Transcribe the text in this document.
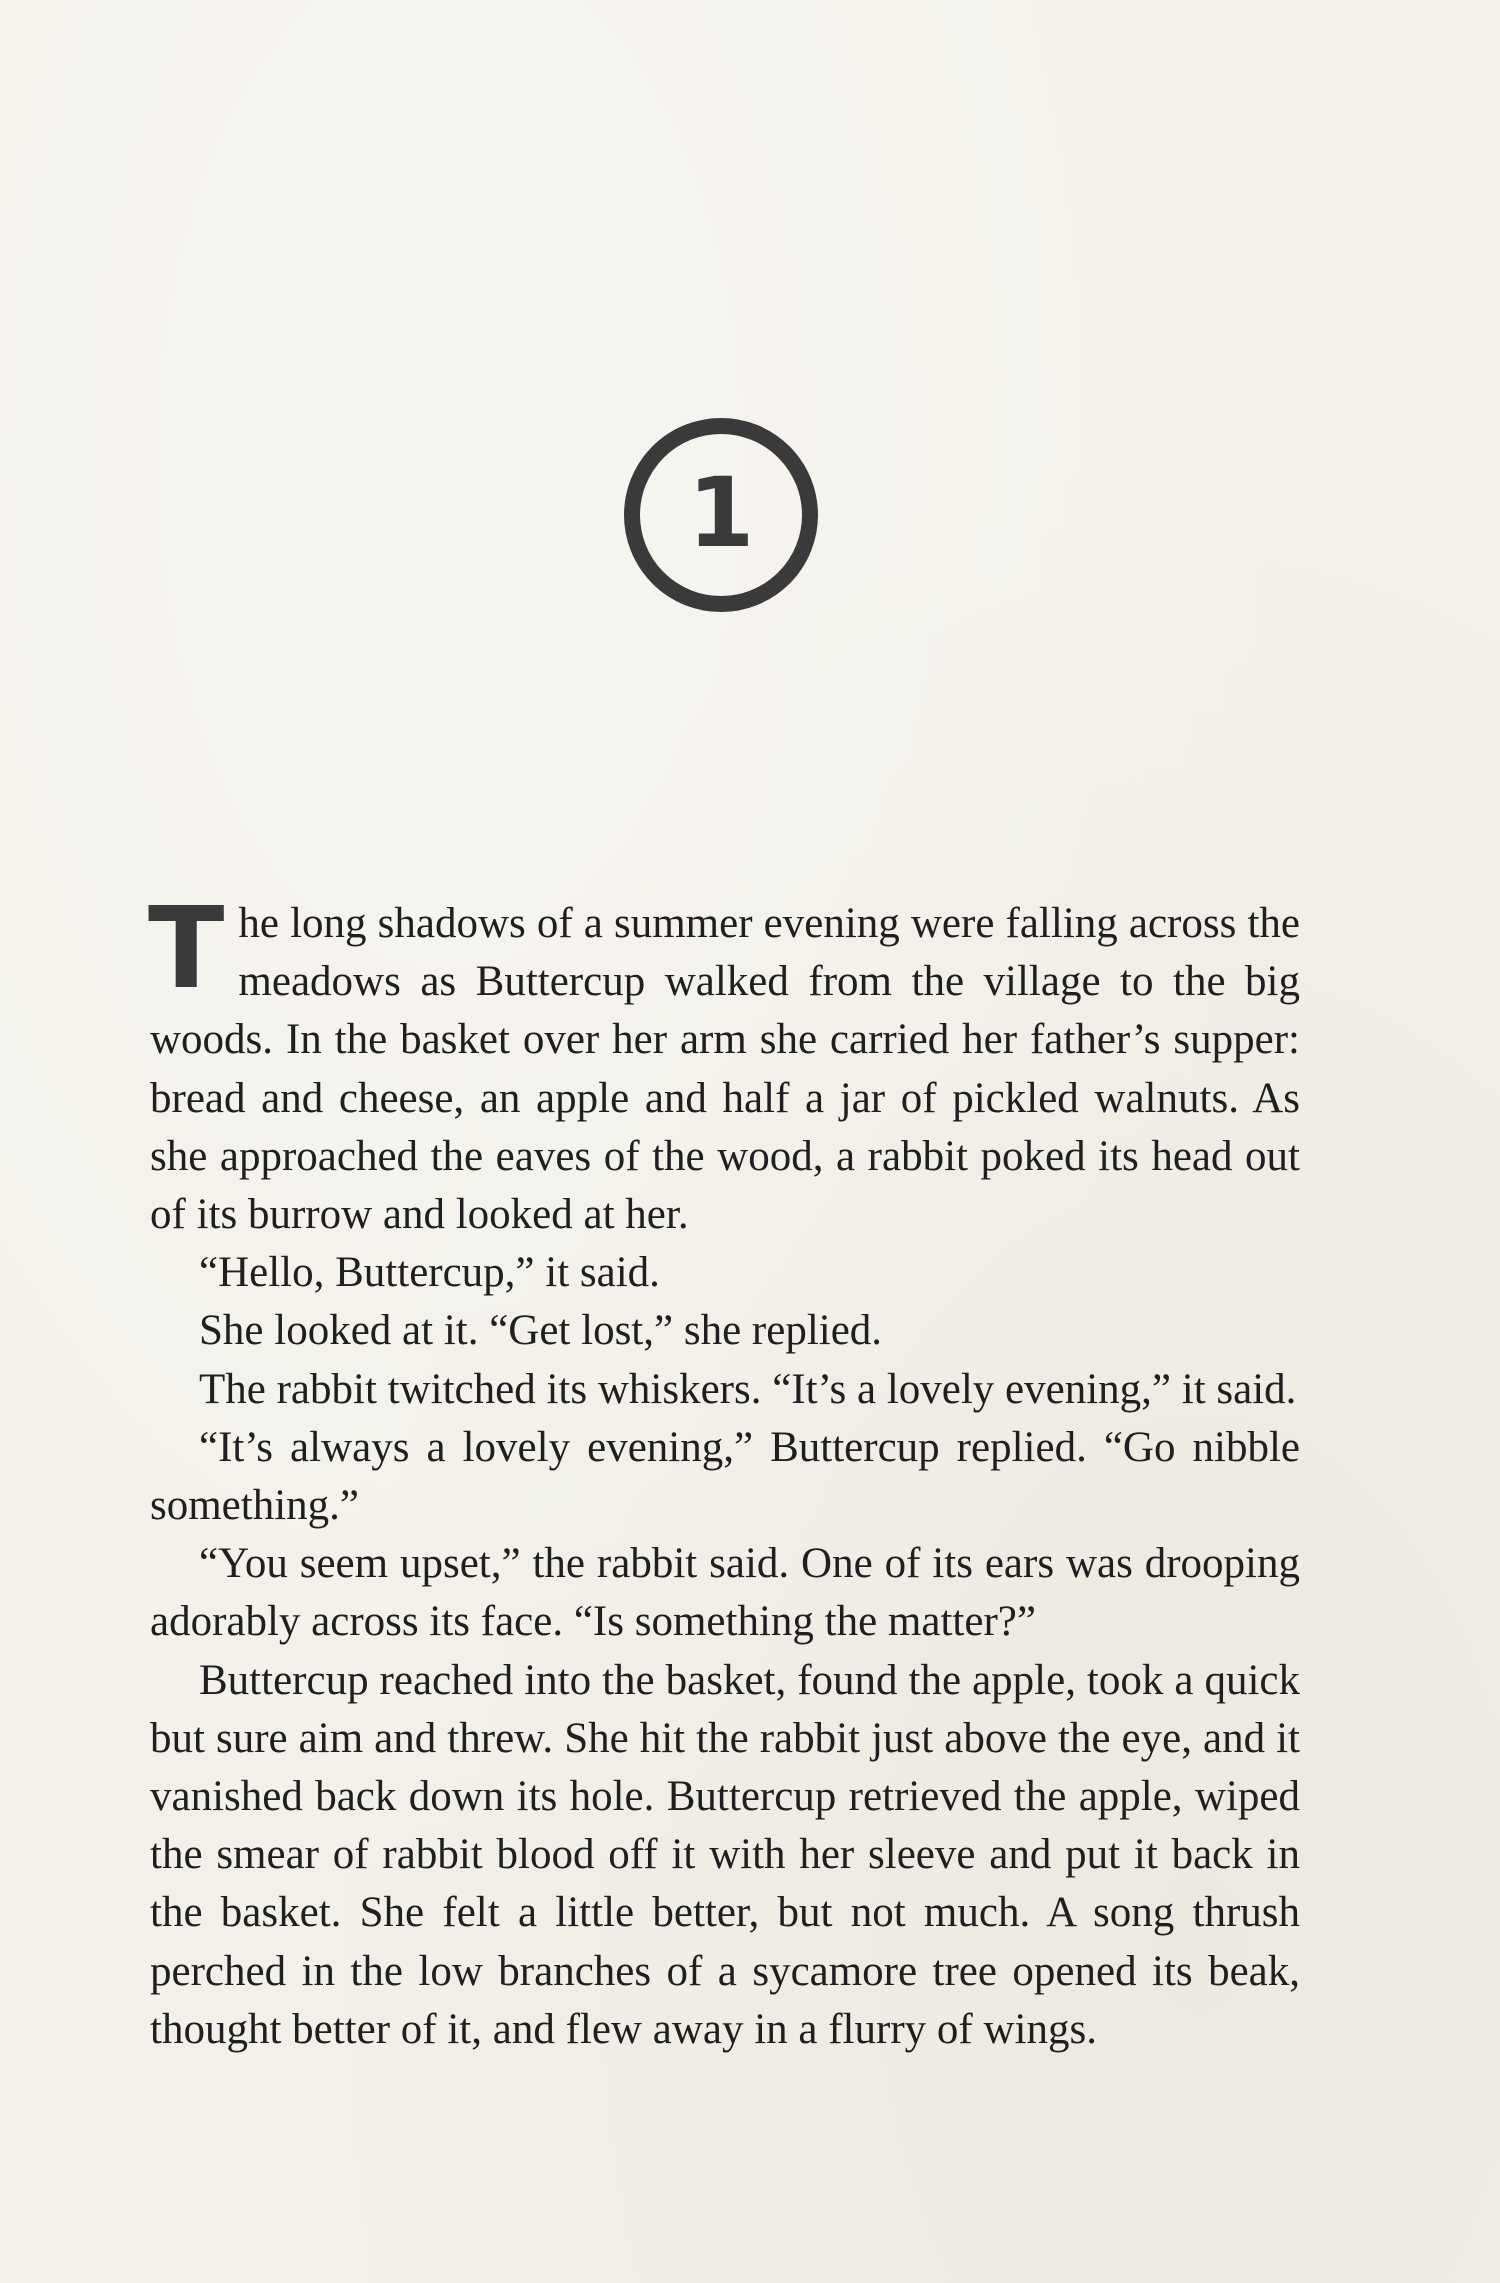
1

The long shadows of a summer evening were falling across the meadows as Buttercup walked from the village to the big woods. In the basket over her arm she carried her father’s supper: bread and cheese, an apple and half a jar of pickled walnuts. As she approached the eaves of the wood, a rabbit poked its head out of its burrow and looked at her.

“Hello, Buttercup,” it said.

She looked at it. “Get lost,” she replied.

The rabbit twitched its whiskers. “It’s a lovely evening,” it said.

“It’s always a lovely evening,” Buttercup replied. “Go nibble something.”

“You seem upset,” the rabbit said. One of its ears was drooping adorably across its face. “Is something the matter?”

Buttercup reached into the basket, found the apple, took a quick but sure aim and threw. She hit the rabbit just above the eye, and it vanished back down its hole. Buttercup retrieved the apple, wiped the smear of rabbit blood off it with her sleeve and put it back in the basket. She felt a little better, but not much. A song thrush perched in the low branches of a sycamore tree opened its beak, thought better of it, and flew away in a flurry of wings.
